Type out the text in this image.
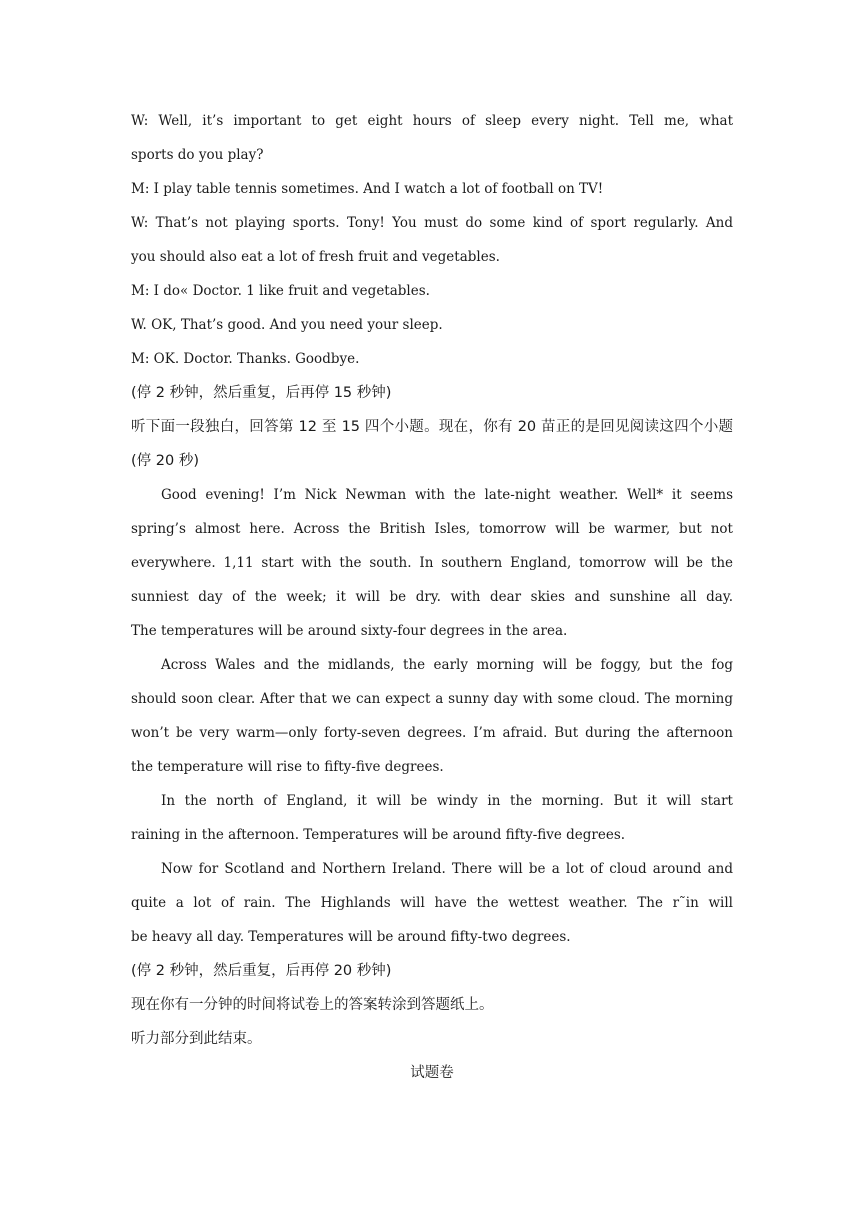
W: Well, it’s important to get eight hours of sleep every night. Tell me, what

sports do you play?

M: I play table tennis sometimes. And I watch a lot of football on TV!

W: That’s not playing sports. Tony! You must do some kind of sport regularly. And

you should also eat a lot of fresh fruit and vegetables.

M: I do« Doctor. 1 like fruit and vegetables.

W. OK, That’s good. And you need your sleep.

M: OK. Doctor. Thanks. Goodbye.

(停 2 秒钟，然后重复，后再停 15 秒钟)

听下面一段独白，回答第 12 至 15 四个小题。现在，你有 20 苗正的是回见阅读这四个小题

(停 20 秒)

Good evening! I’m Nick Newman with the late-night weather. Well* it seems

spring’s almost here. Across the British Isles, tomorrow will be warmer, but not

everywhere. 1,11 start with the south. In southern England, tomorrow will be the

sunniest day of the week; it will be dry. with dear skies and sunshine all day.

The temperatures will be around sixty-four degrees in the area.

Across Wales and the midlands, the early morning will be foggy, but the fog

should soon clear. After that we can expect a sunny day with some cloud. The morning

won’t be very warm—only forty-seven degrees. I’m afraid. But during the afternoon

the temperature will rise to fifty-five degrees.

In the north of England, it will be windy in the morning. But it will start

raining in the afternoon. Temperatures will be around fifty-five degrees.

Now for Scotland and Northern Ireland. There will be a lot of cloud around and

quite a lot of rain. The Highlands will have the wettest weather. The r˜in will

be heavy all day. Temperatures will be around fifty-two degrees.

(停 2 秒钟，然后重复，后再停 20 秒钟)

现在你有一分钟的时间将试卷上的答案转涂到答题纸上。

听力部分到此结束。

试题卷
